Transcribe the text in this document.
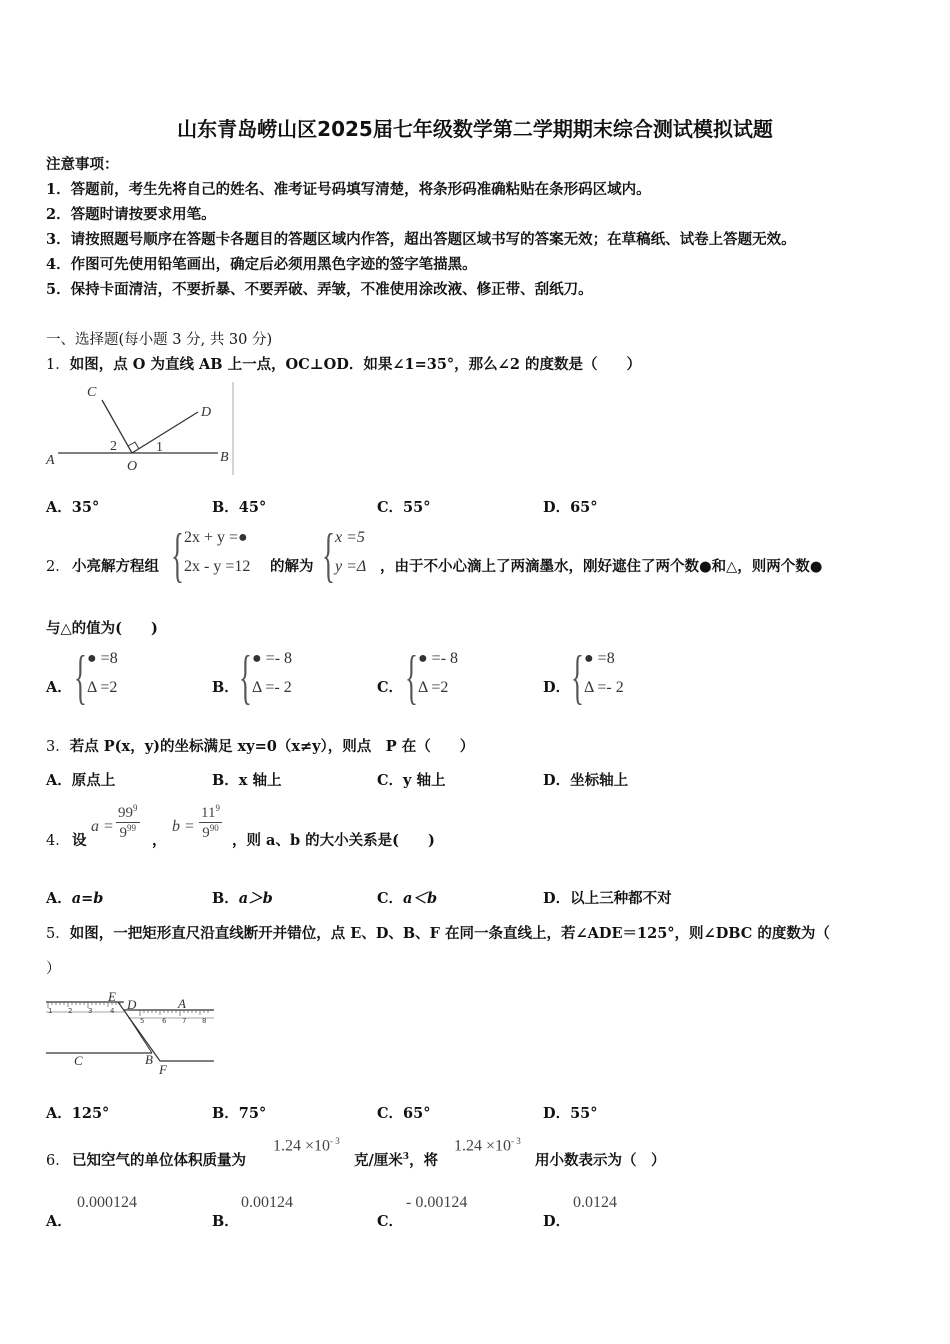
山东青岛崂山区2025届七年级数学第二学期期末综合测试模拟试题
注意事项：
1．答题前，考生先将自己的姓名、准考证号码填写清楚，将条形码准确粘贴在条形码区域内。
2．答题时请按要求用笔。
3．请按照题号顺序在答题卡各题目的答题区域内作答，超出答题区域书写的答案无效；在草稿纸、试卷上答题无效。
4．作图可先使用铅笔画出，确定后必须用黑色字迹的签字笔描黑。
5．保持卡面清洁，不要折暴、不要弄破、弄皱，不准使用涂改液、修正带、刮纸刀。
一、选择题(每小题 3 分, 共 30 分)
1．如图，点 O 为直线 AB 上一点，OC⊥OD．如果∠1=35°，那么∠2 的度数是（　　）
A	B
C
D
O
1
2
A．35°	B．45°	C．55°	D．65°
2． 小亮解方程组 { 2x + y =●
2x - y =12 的解为 { x =5
y =Δ ，由于不小心滴上了两滴墨水，刚好遮住了两个数●和△，则两个数●
与△的值为(　　)
A． { ● =8
Δ =2	B． { ● =- 8
Δ =- 2	C． { ● =- 8
Δ =2	D． { ● =8
Δ =- 2
3．若点 P(x，y)的坐标满足 xy=0（x≠y），则点　P 在（　　）
A．原点上	B．x 轴上	C．y 轴上	D．坐标轴上
4． 设
$a = \frac{99^9}{9^{99}}$ ，
$b = \frac{11^9}{9^{90}}$ ，则 a、b 的大小关系是(　　)
A．a=b	B．a＞b	C．a＜b	D．以上三种都不对
5．如图，一把矩形直尺沿直线断开并错位，点 E、D、B、F 在同一条直线上，若∠ADE＝125°，则∠DBC 的度数为（
）
1 2 3	4
5	6 7 8
E
D	A
C	B
F
A．125°	B．75°	C．65°	D．55°
6． 已知空气的单位体积质量为
$1.24 \times 10^{- 3}$
克/厘米$^3$，将
$1.24 \times 10^{- 3}$
用小数表示为（　）
A．
0.000124
B．
0.00124
C．
- 0.00124
D．
0.0124
